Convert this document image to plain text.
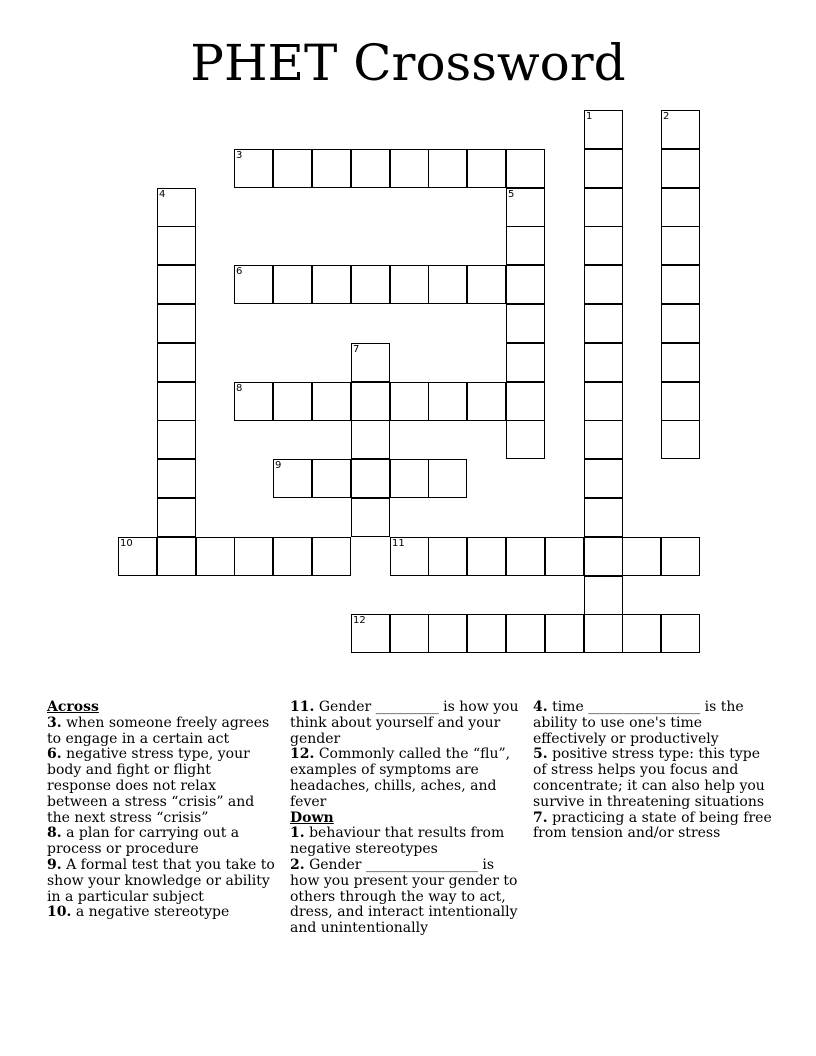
PHET Crossword
1	2
3
4	5
6
7
8
9
10	11
12
Across
3. when someone freely agrees to engage in a certain act
6. negative stress type, your body and fight or flight response does not relax between a stress “crisis” and the next stress “crisis”
8. a plan for carrying out a process or procedure
9. A formal test that you take to show your knowledge or ability in a particular subject
10. a negative stereotype
11. Gender _________ is how you think about yourself and your gender
12. Commonly called the “flu”, examples of symptoms are headaches, chills, aches, and fever
Down
1. behaviour that results from negative stereotypes
2. Gender ________________ is how you present your gender to others through the way to act, dress, and interact intentionally and unintentionally
4. time ________________ is the ability to use one's time effectively or productively
5. positive stress type: this type of stress helps you focus and concentrate; it can also help you survive in threatening situations
7. practicing a state of being free from tension and/or stress
